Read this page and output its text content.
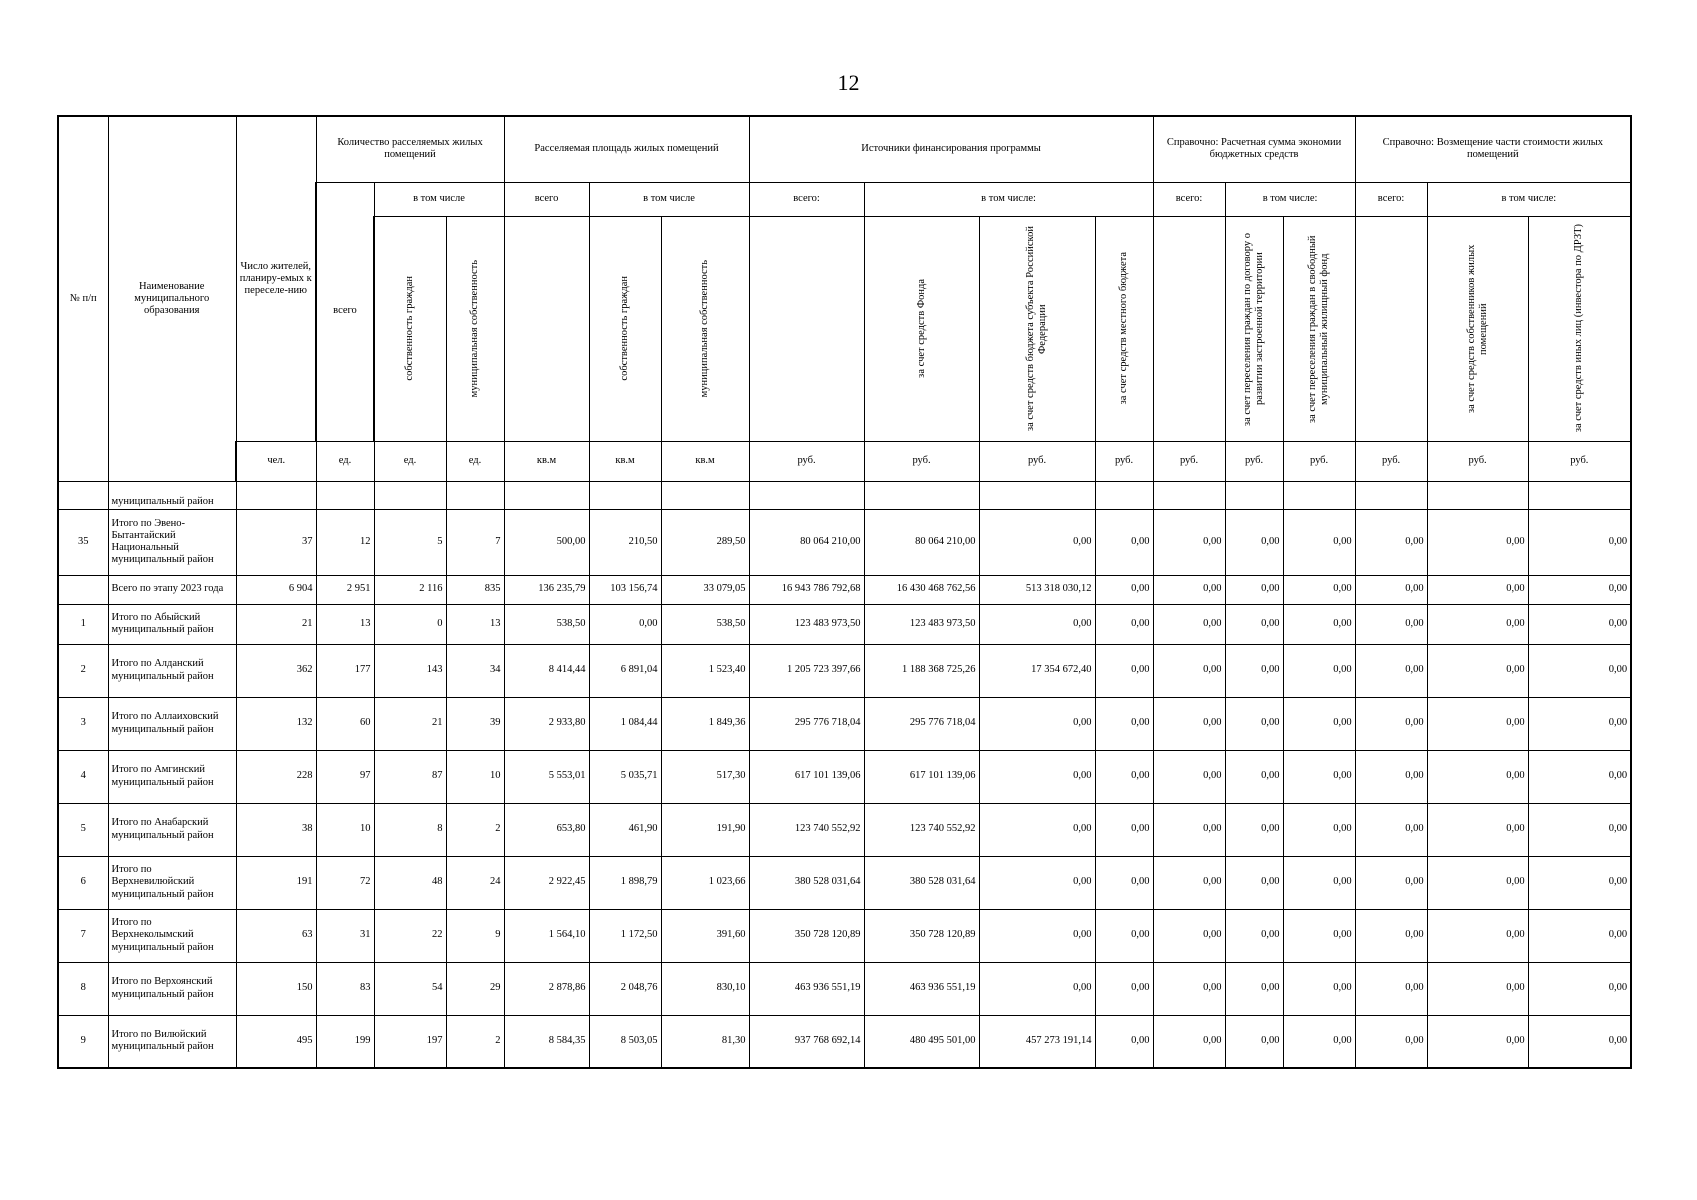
12
№ п/п	Наименование муниципального образования	Число жителей, планиру-емых к переселе-нию	Количество расселяемых жилых помещений			Расселяемая площадь жилых помещений			Источники финансирования программы				Справочно: Расчетная сумма экономии бюджетных средств			Справочно: Возмещение части стоимости жилых помещений		
			всего	в том числе		всего	в том числе		всего:	в том числе:			всего:	в том числе:		всего:	в том числе:	

				собственность граждан	муниципальная собственность		собственность граждан	муниципальная собственность		за счет средств Фонда	за счет средств бюджета субъекта Российской Федерации	за счет средств местного бюджета		за счет переселения граждан по договору о развитии застроенной территории	за счет переселения граждан в свободный муниципальный жилищный фонд		за счет средств собственников жилых помещений	за счет средств иных лиц (инвестора по ДРЗТ)

		чел.	ед.	ед.	ед.	кв.м	кв.м	кв.м	руб.	руб.	руб.	руб.	руб.	руб.	руб.	руб.	руб.	руб.
	муниципальный район																	
35	Итого по Эвено-Бытантайский Национальный муниципальный район	37	12	5	7	500,00	210,50	289,50	80 064 210,00	80 064 210,00	0,00	0,00	0,00	0,00	0,00	0,00	0,00	0,00
	Всего по этапу 2023 года	6 904	2 951	2 116	835	136 235,79	103 156,74	33 079,05	16 943 786 792,68	16 430 468 762,56	513 318 030,12	0,00	0,00	0,00	0,00	0,00	0,00	0,00
1	Итого по Абыйский муниципальный район	21	13	0	13	538,50	0,00	538,50	123 483 973,50	123 483 973,50	0,00	0,00	0,00	0,00	0,00	0,00	0,00	0,00
2	Итого по Алданский муниципальный район	362	177	143	34	8 414,44	6 891,04	1 523,40	1 205 723 397,66	1 188 368 725,26	17 354 672,40	0,00	0,00	0,00	0,00	0,00	0,00	0,00
3	Итого по Аллаиховский муниципальный район	132	60	21	39	2 933,80	1 084,44	1 849,36	295 776 718,04	295 776 718,04	0,00	0,00	0,00	0,00	0,00	0,00	0,00	0,00
4	Итого по Амгинский муниципальный район	228	97	87	10	5 553,01	5 035,71	517,30	617 101 139,06	617 101 139,06	0,00	0,00	0,00	0,00	0,00	0,00	0,00	0,00
5	Итого по Анабарский муниципальный район	38	10	8	2	653,80	461,90	191,90	123 740 552,92	123 740 552,92	0,00	0,00	0,00	0,00	0,00	0,00	0,00	0,00
6	Итого по Верхневилюйский муниципальный район	191	72	48	24	2 922,45	1 898,79	1 023,66	380 528 031,64	380 528 031,64	0,00	0,00	0,00	0,00	0,00	0,00	0,00	0,00
7	Итого по Верхнеколымский муниципальный район	63	31	22	9	1 564,10	1 172,50	391,60	350 728 120,89	350 728 120,89	0,00	0,00	0,00	0,00	0,00	0,00	0,00	0,00
8	Итого по Верхоянский муниципальный район	150	83	54	29	2 878,86	2 048,76	830,10	463 936 551,19	463 936 551,19	0,00	0,00	0,00	0,00	0,00	0,00	0,00	0,00
9	Итого по Вилюйский муниципальный район	495	199	197	2	8 584,35	8 503,05	81,30	937 768 692,14	480 495 501,00	457 273 191,14	0,00	0,00	0,00	0,00	0,00	0,00	0,00
